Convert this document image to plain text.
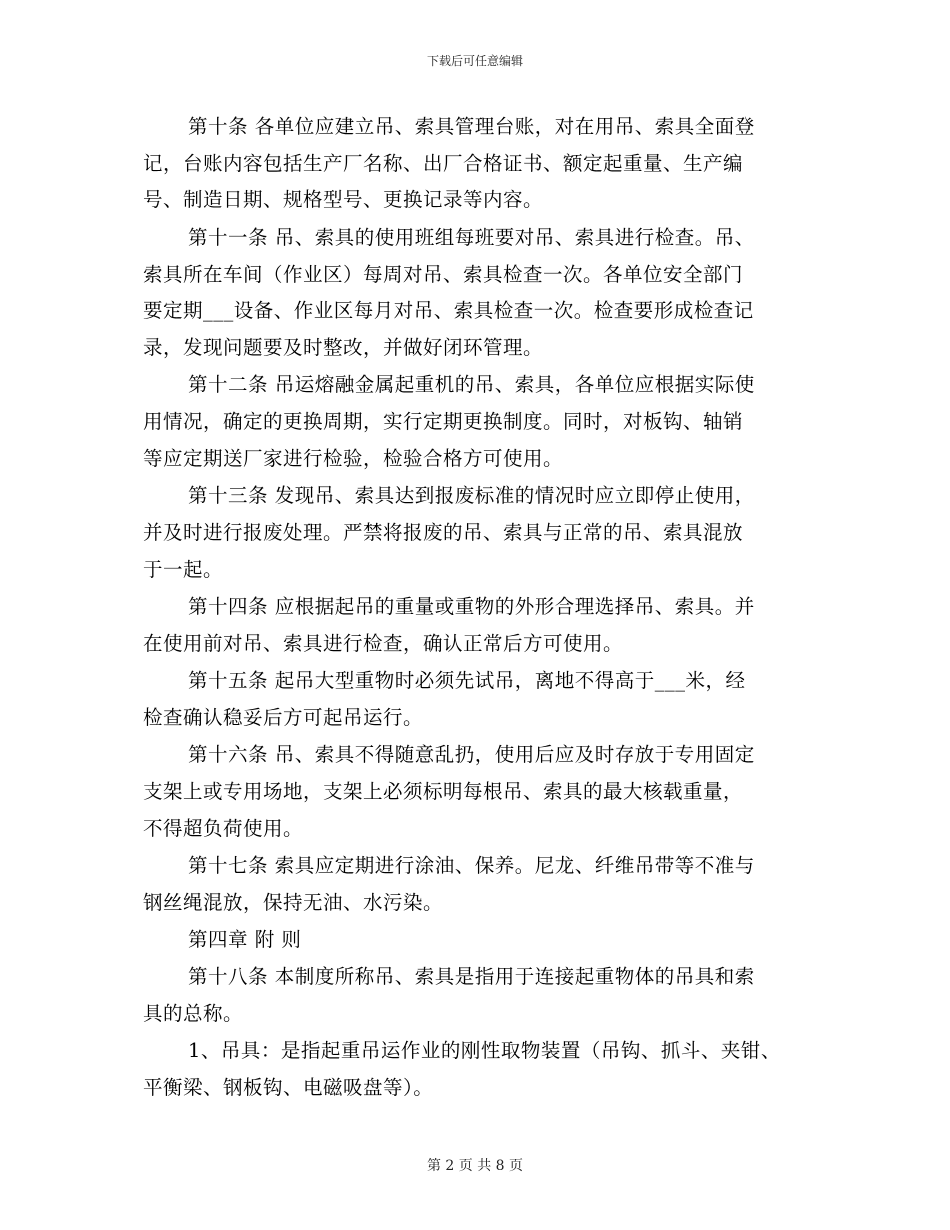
下载后可任意编辑
第十条 各单位应建立吊、索具管理台账，对在用吊、索具全面登
记，台账内容包括生产厂名称、出厂合格证书、额定起重量、生产编
号、制造日期、规格型号、更换记录等内容。
第十一条 吊、索具的使用班组每班要对吊、索具进行检查。吊、
索具所在车间（作业区）每周对吊、索具检查一次。各单位安全部门
要定期___设备、作业区每月对吊、索具检查一次。检查要形成检查记
录，发现问题要及时整改，并做好闭环管理。
第十二条 吊运熔融金属起重机的吊、索具，各单位应根据实际使
用情况，确定的更换周期，实行定期更换制度。同时，对板钩、轴销
等应定期送厂家进行检验，检验合格方可使用。
第十三条 发现吊、索具达到报废标准的情况时应立即停止使用，
并及时进行报废处理。严禁将报废的吊、索具与正常的吊、索具混放
于一起。
第十四条 应根据起吊的重量或重物的外形合理选择吊、索具。并
在使用前对吊、索具进行检查，确认正常后方可使用。
第十五条 起吊大型重物时必须先试吊，离地不得高于___米，经
检查确认稳妥后方可起吊运行。
第十六条 吊、索具不得随意乱扔，使用后应及时存放于专用固定
支架上或专用场地，支架上必须标明每根吊、索具的最大核载重量，
不得超负荷使用。
第十七条 索具应定期进行涂油、保养。尼龙、纤维吊带等不准与
钢丝绳混放，保持无油、水污染。
第四章 附 则
第十八条 本制度所称吊、索具是指用于连接起重物体的吊具和索
具的总称。
1、吊具：是指起重吊运作业的刚性取物装置（吊钩、抓斗、夹钳、
平衡梁、钢板钩、电磁吸盘等）。
第 2 页 共 8 页
